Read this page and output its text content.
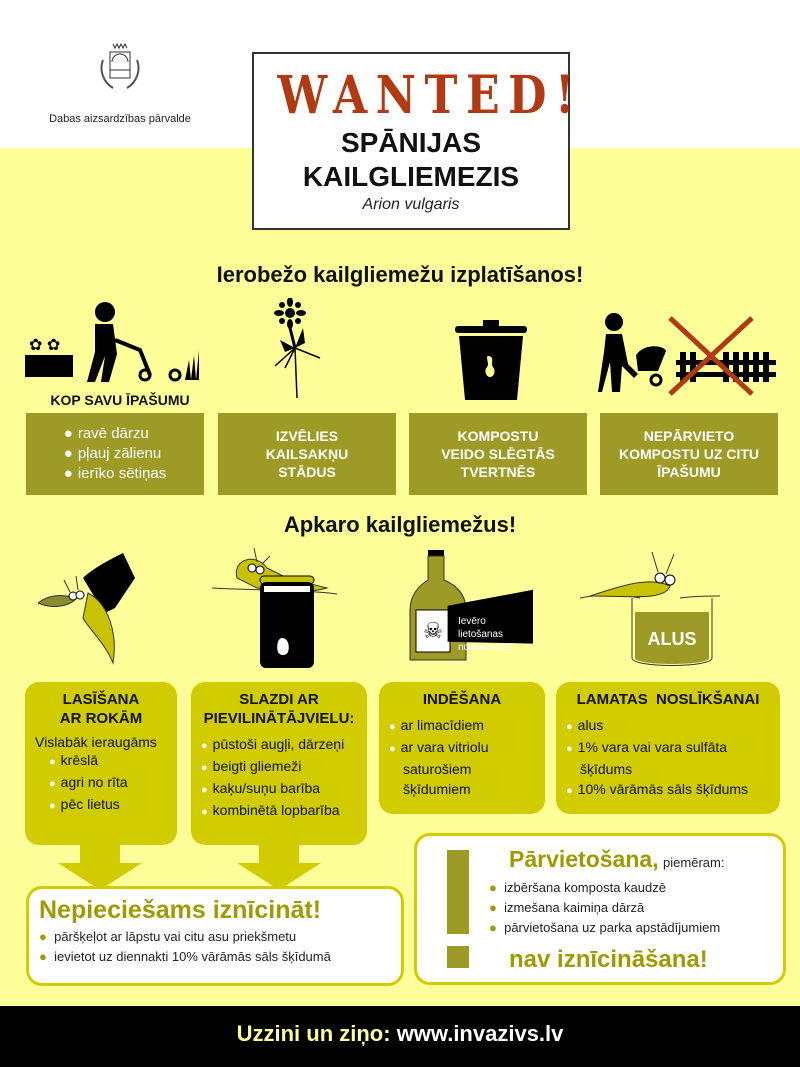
Dabas aizsardzības pārvalde WANTED!
SPĀNIJAS
KAILGLIEMEZIS
Arion vulgaris
Ierobežo kailgliemežu izplatīšanos!
✿ ✿
KOP SAVU ĪPAŠUMU
● ravē dārzu
● pļauj zālienu
● ierīko sētiņas
IZVĒLIES
KAILSAKŅU
STĀDUS
KOMPOSTU
VEIDO SLĒGTĀS
TVERTNĒS
NEPĀRVIETO
KOMPOSTU UZ CITU
ĪPAŠUMU
Apkaro kailgliemežus!
☠ Ievēro
lietošanas
noteikumus!	ALUS
LASĪŠANA
AR ROKĀM
Vislabāk ieraugāms
● krēslā
● agri no rīta
● pēc lietus
SLAZDI AR
PIEVILINĀTĀJVIELU:
● pūstoši augļi, dārzeņi
● beigti gliemeži
● kaķu/suņu barība
● kombinētā lopbarība
INDĒŠANA
● ar limacīdiem
● ar vara vitriolu
saturošiem
šķīdumiem
LAMATAS  NOSLĪKŠANAI
● alus
● 1% vara vai vara sulfāta
šķīdums
● 10% vārāmās sāls šķīdums
Nepieciešams iznīcināt!
● pāršķeļot ar lāpstu vai citu asu priekšmetu
● ievietot uz diennakti 10% vārāmās sāls šķīdumā
Pārvietošana, piemēram:
● izbēršana komposta kaudzē
● izmešana kaimiņa dārzā
● pārvietošana uz parka apstādījumiem
nav iznīcināšana!
Uzzini un ziņo: www.invazivs.lv
